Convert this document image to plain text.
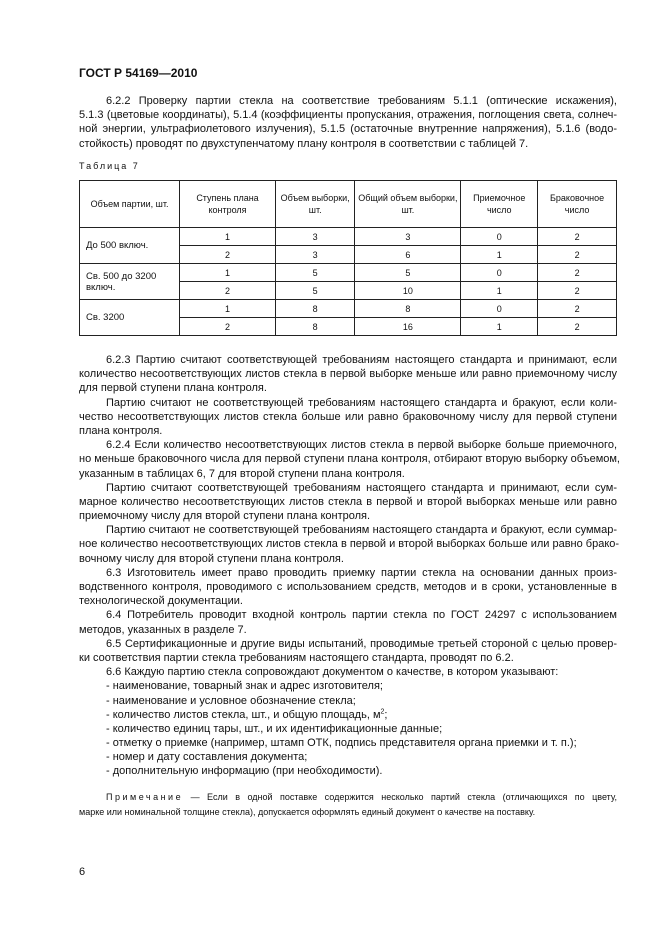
ГОСТ Р 54169—2010
6.2.2 Проверку партии стекла на соответствие требованиям 5.1.1 (оптические искажения),
5.1.3 (цветовые координаты), 5.1.4 (коэффициенты пропускания, отражения, поглощения света, солнеч-
ной энергии, ультрафиолетового излучения), 5.1.5 (остаточные внутренние напряжения), 5.1.6 (водо-
стойкость) проводят по двухступенчатому плану контроля в соответствии с таблицей 7.
Таблица 7
Объем партии, шт.	Ступень плана контроля	Объем выборки, шт.	Общий объем выборки, шт.	Приемочное число	Браковочное число
До 500 включ.	1	3	3	0	2
	2	3	6	1	2
Св. 500 до 3200 включ.	1	5	5	0	2
	2	5	10	1	2
Св. 3200	1	8	8	0	2
	2	8	16	1	2
6.2.3 Партию считают соответствующей требованиям настоящего стандарта и принимают, если
количество несоответствующих листов стекла в первой выборке меньше или равно приемочному числу
для первой ступени плана контроля.
Партию считают не соответствующей требованиям настоящего стандарта и бракуют, если коли-
чество несоответствующих листов стекла больше или равно браковочному числу для первой ступени
плана контроля.
6.2.4 Если количество несоответствующих листов стекла в первой выборке больше приемочного,
но меньше браковочного числа для первой ступени плана контроля, отбирают вторую выборку объемом,
указанным в таблицах 6, 7 для второй ступени плана контроля.
Партию считают соответствующей требованиям настоящего стандарта и принимают, если сум-
марное количество несоответствующих листов стекла в первой и второй выборках меньше или равно
приемочному числу для второй ступени плана контроля.
Партию считают не соответствующей требованиям настоящего стандарта и бракуют, если суммар-
ное количество несоответствующих листов стекла в первой и второй выборках больше или равно брако-
вочному числу для второй ступени плана контроля.
6.3 Изготовитель имеет право проводить приемку партии стекла на основании данных произ-
водственного контроля, проводимого с использованием средств, методов и в сроки, установленные в
технологической документации.
6.4 Потребитель проводит входной контроль партии стекла по ГОСТ 24297 с использованием
методов, указанных в разделе 7.
6.5 Сертификационные и другие виды испытаний, проводимые третьей стороной с целью провер-
ки соответствия партии стекла требованиям настоящего стандарта, проводят по 6.2.
6.6 Каждую партию стекла сопровождают документом о качестве, в котором указывают:
- наименование, товарный знак и адрес изготовителя;
- наименование и условное обозначение стекла;
- количество листов стекла, шт., и общую площадь, $м^2$;
- количество единиц тары, шт., и их идентификационные данные;
- отметку о приемке (например, штамп ОТК, подпись представителя органа приемки и т. п.);
- номер и дату составления документа;
- дополнительную информацию (при необходимости).
Примечание — Если в одной поставке содержится несколько партий стекла (отличающихся по цвету,
марке или номинальной толщине стекла), допускается оформлять единый документ о качестве на поставку.
6
